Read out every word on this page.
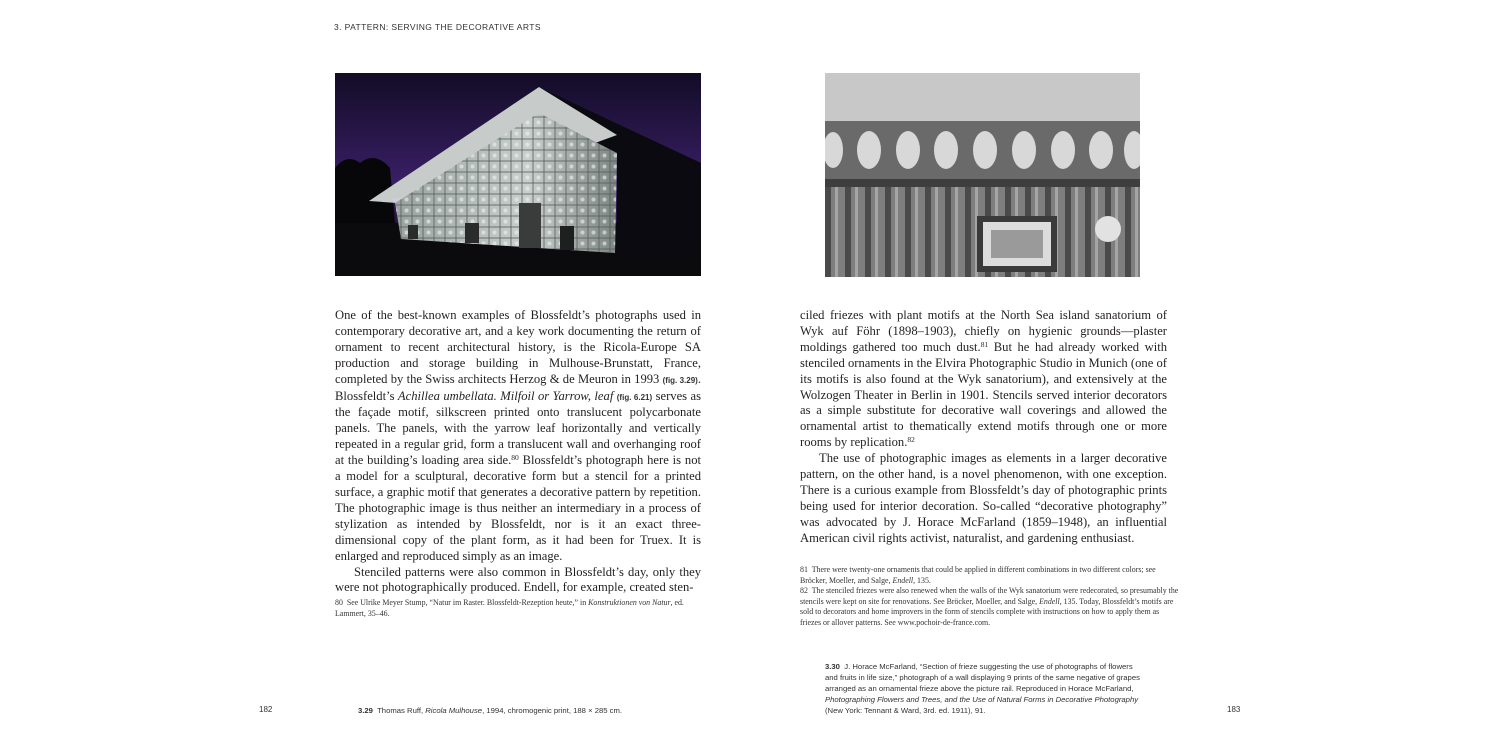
3. PATTERN: SERVING THE DECORATIVE ARTS

One of the best-known examples of Blossfeldt’s photographs used in contemporary decorative art, and a key work documenting the return of ornament to recent architectural history, is the Ricola-Europe SA production and storage building in Mulhouse-Brunstatt, France, completed by the Swiss architects Herzog & de Meuron in 1993 (fig. 3.29). Blossfeldt’s Achillea umbellata. Milfoil or Yarrow, leaf (fig. 6.21) serves as the façade motif, silkscreen printed onto translucent polycarbonate panels. The panels, with the yarrow leaf horizontally and vertically repeated in a regular grid, form a translucent wall and overhanging roof at the building’s loading area side.$^{80}$ Blossfeldt’s photograph here is not a model for a sculptural, decorative form but a stencil for a printed surface, a graphic motif that generates a decorative pattern by repetition. The photographic image is thus neither an intermediary in a process of stylization as intended by Blossfeldt, nor is it an exact three-dimensional copy of the plant form, as it had been for Truex. It is enlarged and reproduced simply as an image.

Stenciled patterns were also common in Blossfeldt’s day, only they were not photographically produced. Endell, for example, created sten-

80 See Ulrike Meyer Stump, “Natur im Raster. Blossfeldt-Rezeption heute,” in Konstruktionen von Natur, ed. Lammert, 35–46.

ciled friezes with plant motifs at the North Sea island sanatorium of Wyk auf Föhr (1898–1903), chiefly on hygienic grounds—plaster moldings gathered too much dust.$^{81}$ But he had already worked with stenciled ornaments in the Elvira Photographic Studio in Munich (one of its motifs is also found at the Wyk sanatorium), and extensively at the Wolzogen Theater in Berlin in 1901. Stencils served interior decorators as a simple substitute for decorative wall coverings and allowed the ornamental artist to thematically extend motifs through one or more rooms by replication.$^{82}$

The use of photographic images as elements in a larger decorative pattern, on the other hand, is a novel phenomenon, with one exception. There is a curious example from Blossfeldt’s day of photographic prints being used for interior decoration. So-called “decorative photography” was advocated by J. Horace McFarland (1859–1948), an influential American civil rights activist, naturalist, and gardening enthusiast.

81 There were twenty-one ornaments that could be applied in different combinations in two different colors; see Bröcker, Moeller, and Salge, Endell, 135.

82 The stenciled friezes were also renewed when the walls of the Wyk sanatorium were redecorated, so presumably the stencils were kept on site for renovations. See Bröcker, Moeller, and Salge, Endell, 135. Today, Blossfeldt’s motifs are sold to decorators and home improvers in the form of stencils complete with instructions on how to apply them as friezes or allover patterns. See www.pochoir-de-france.com.

3.29 Thomas Ruff, Ricola Mulhouse, 1994, chromogenic print, 188 × 285 cm.
3.30 J. Horace McFarland, “Section of frieze suggesting the use of photographs of flowers and fruits in life size,” photograph of a wall displaying 9 prints of the same negative of grapes arranged as an ornamental frieze above the picture rail. Reproduced in Horace McFarland, Photographing Flowers and Trees, and the Use of Natural Forms in Decorative Photography (New York: Tennant & Ward, 3rd. ed. 1911), 91.
182	183
